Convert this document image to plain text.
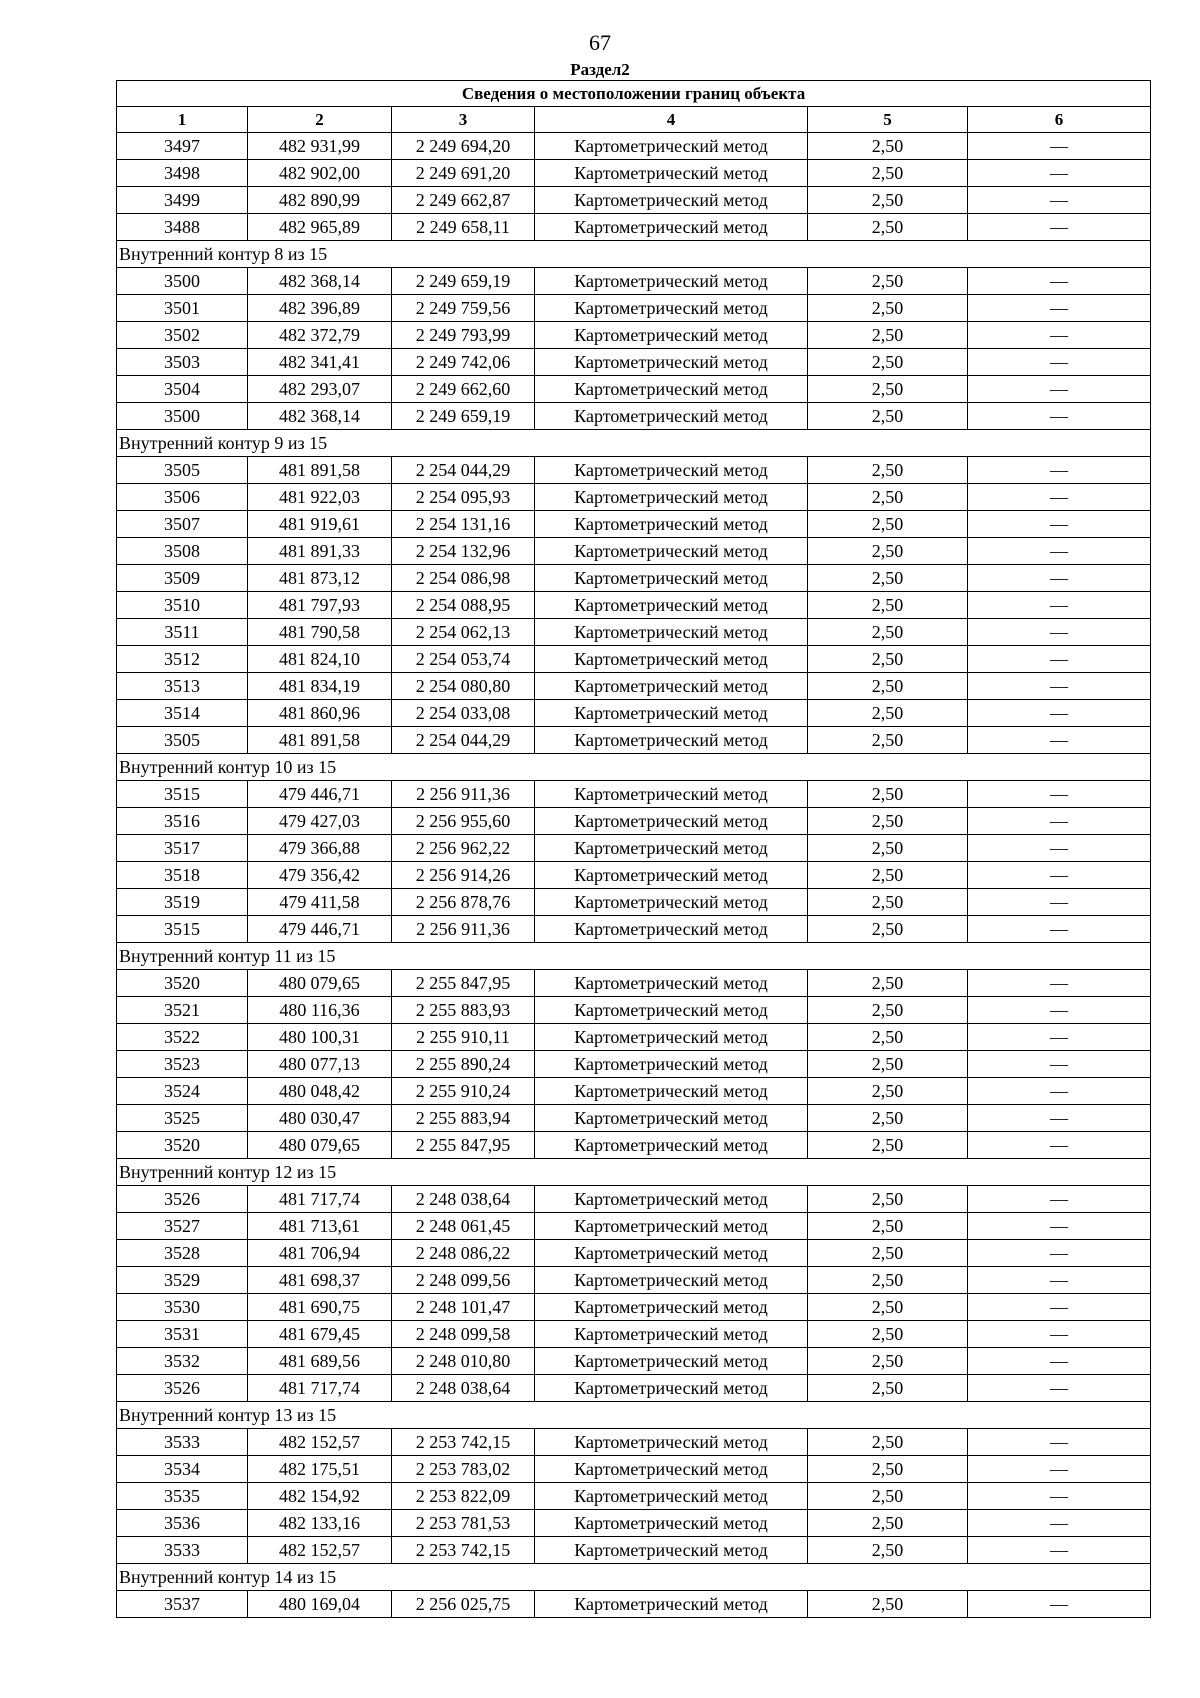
67
Раздел2
Сведения о местоположении границ объекта					
1	2	3	4	5	6
3497	482 931,99	2 249 694,20	Картометрический метод	2,50	—
3498	482 902,00	2 249 691,20	Картометрический метод	2,50	—
3499	482 890,99	2 249 662,87	Картометрический метод	2,50	—
3488	482 965,89	2 249 658,11	Картометрический метод	2,50	—
Внутренний контур 8 из 15					
3500	482 368,14	2 249 659,19	Картометрический метод	2,50	—
3501	482 396,89	2 249 759,56	Картометрический метод	2,50	—
3502	482 372,79	2 249 793,99	Картометрический метод	2,50	—
3503	482 341,41	2 249 742,06	Картометрический метод	2,50	—
3504	482 293,07	2 249 662,60	Картометрический метод	2,50	—
3500	482 368,14	2 249 659,19	Картометрический метод	2,50	—
Внутренний контур 9 из 15					
3505	481 891,58	2 254 044,29	Картометрический метод	2,50	—
3506	481 922,03	2 254 095,93	Картометрический метод	2,50	—
3507	481 919,61	2 254 131,16	Картометрический метод	2,50	—
3508	481 891,33	2 254 132,96	Картометрический метод	2,50	—
3509	481 873,12	2 254 086,98	Картометрический метод	2,50	—
3510	481 797,93	2 254 088,95	Картометрический метод	2,50	—
3511	481 790,58	2 254 062,13	Картометрический метод	2,50	—
3512	481 824,10	2 254 053,74	Картометрический метод	2,50	—
3513	481 834,19	2 254 080,80	Картометрический метод	2,50	—
3514	481 860,96	2 254 033,08	Картометрический метод	2,50	—
3505	481 891,58	2 254 044,29	Картометрический метод	2,50	—
Внутренний контур 10 из 15					
3515	479 446,71	2 256 911,36	Картометрический метод	2,50	—
3516	479 427,03	2 256 955,60	Картометрический метод	2,50	—
3517	479 366,88	2 256 962,22	Картометрический метод	2,50	—
3518	479 356,42	2 256 914,26	Картометрический метод	2,50	—
3519	479 411,58	2 256 878,76	Картометрический метод	2,50	—
3515	479 446,71	2 256 911,36	Картометрический метод	2,50	—
Внутренний контур 11 из 15					
3520	480 079,65	2 255 847,95	Картометрический метод	2,50	—
3521	480 116,36	2 255 883,93	Картометрический метод	2,50	—
3522	480 100,31	2 255 910,11	Картометрический метод	2,50	—
3523	480 077,13	2 255 890,24	Картометрический метод	2,50	—
3524	480 048,42	2 255 910,24	Картометрический метод	2,50	—
3525	480 030,47	2 255 883,94	Картометрический метод	2,50	—
3520	480 079,65	2 255 847,95	Картометрический метод	2,50	—
Внутренний контур 12 из 15					
3526	481 717,74	2 248 038,64	Картометрический метод	2,50	—
3527	481 713,61	2 248 061,45	Картометрический метод	2,50	—
3528	481 706,94	2 248 086,22	Картометрический метод	2,50	—
3529	481 698,37	2 248 099,56	Картометрический метод	2,50	—
3530	481 690,75	2 248 101,47	Картометрический метод	2,50	—
3531	481 679,45	2 248 099,58	Картометрический метод	2,50	—
3532	481 689,56	2 248 010,80	Картометрический метод	2,50	—
3526	481 717,74	2 248 038,64	Картометрический метод	2,50	—
Внутренний контур 13 из 15					
3533	482 152,57	2 253 742,15	Картометрический метод	2,50	—
3534	482 175,51	2 253 783,02	Картометрический метод	2,50	—
3535	482 154,92	2 253 822,09	Картометрический метод	2,50	—
3536	482 133,16	2 253 781,53	Картометрический метод	2,50	—
3533	482 152,57	2 253 742,15	Картометрический метод	2,50	—
Внутренний контур 14 из 15					
3537	480 169,04	2 256 025,75	Картометрический метод	2,50	—
